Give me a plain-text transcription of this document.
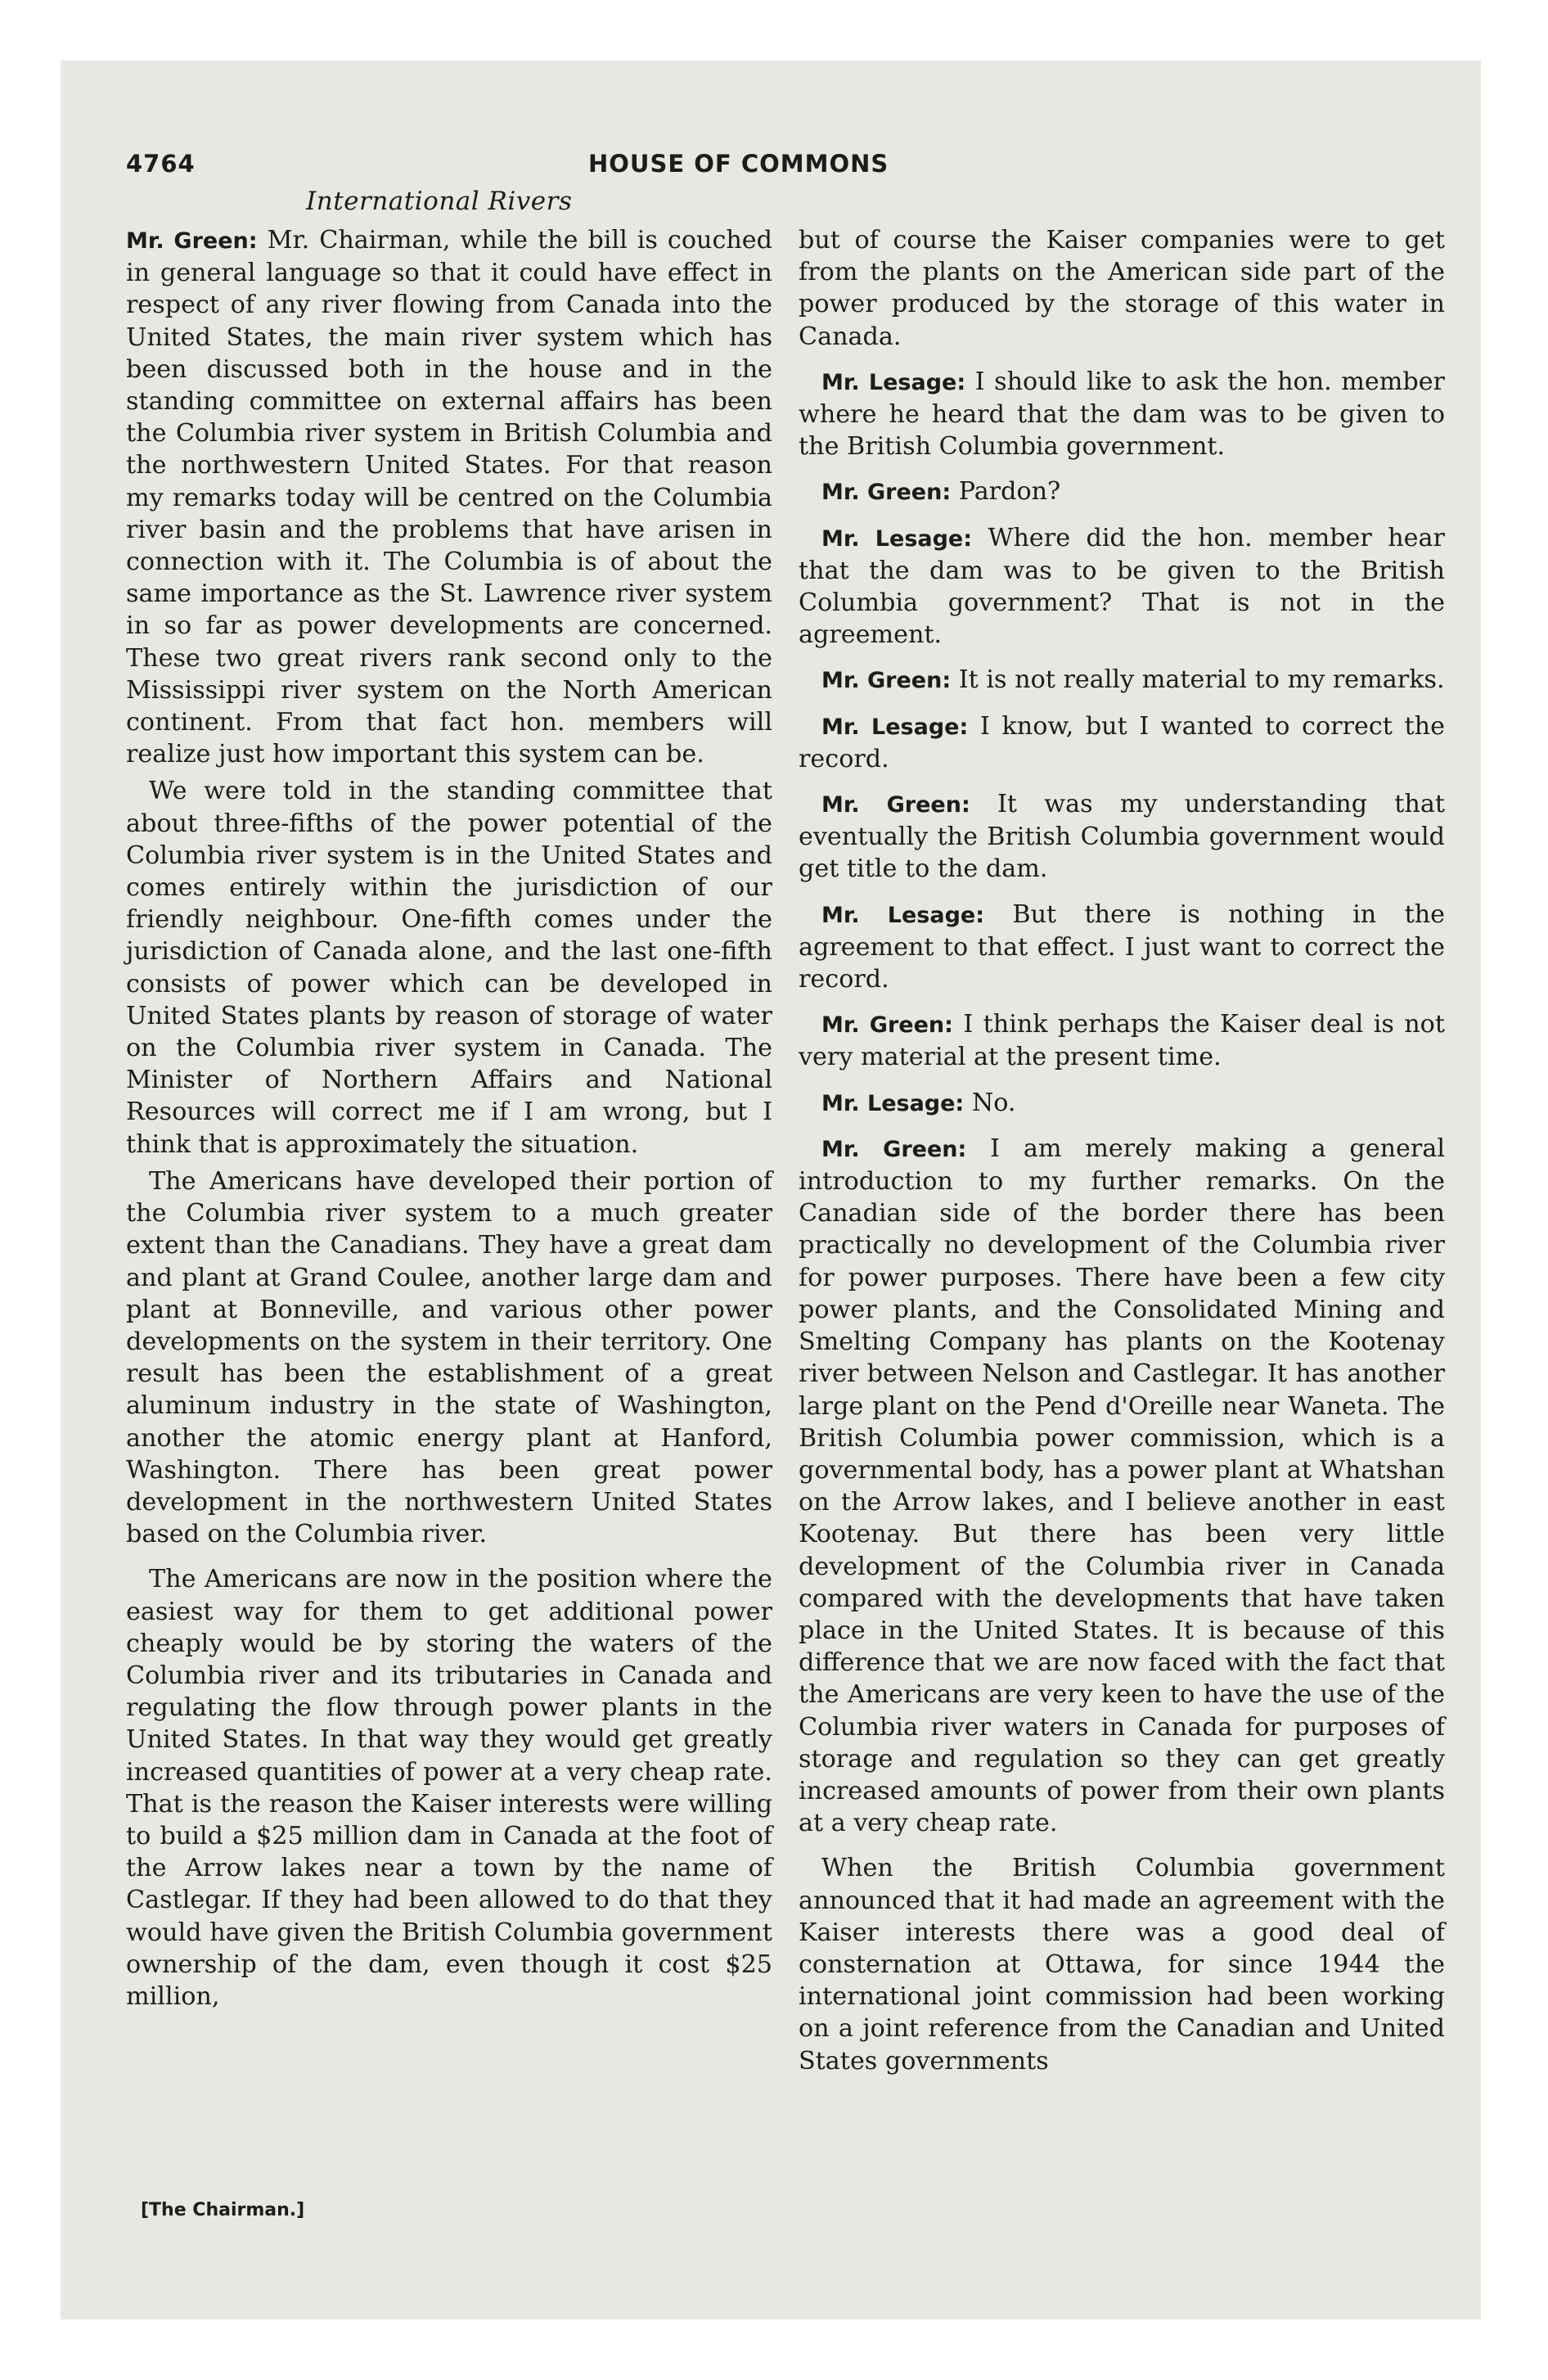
4764	HOUSE OF COMMONS
International Rivers

Mr. Green: Mr. Chairman, while the bill is couched in general language so that it could have effect in respect of any river flowing from Canada into the United States, the main river system which has been discussed both in the house and in the standing committee on external affairs has been the Columbia river system in British Columbia and the northwestern United States. For that reason my remarks today will be centred on the Columbia river basin and the problems that have arisen in connection with it. The Columbia is of about the same importance as the St. Lawrence river system in so far as power developments are concerned. These two great rivers rank second only to the Mississippi river system on the North American continent. From that fact hon. members will realize just how important this system can be.

We were told in the standing committee that about three-fifths of the power potential of the Columbia river system is in the United States and comes entirely within the jurisdiction of our friendly neighbour. One-fifth comes under the jurisdiction of Canada alone, and the last one-fifth consists of power which can be developed in United States plants by reason of storage of water on the Columbia river system in Canada. The Minister of Northern Affairs and National Resources will correct me if I am wrong, but I think that is approximately the situation.

The Americans have developed their portion of the Columbia river system to a much greater extent than the Canadians. They have a great dam and plant at Grand Coulee, another large dam and plant at Bonneville, and various other power developments on the system in their territory. One result has been the establishment of a great aluminum industry in the state of Washington, another the atomic energy plant at Hanford, Washington. There has been great power development in the northwestern United States based on the Columbia river.

The Americans are now in the position where the easiest way for them to get additional power cheaply would be by storing the waters of the Columbia river and its tributaries in Canada and regulating the flow through power plants in the United States. In that way they would get greatly increased quantities of power at a very cheap rate. That is the reason the Kaiser interests were willing to build a $25 million dam in Canada at the foot of the Arrow lakes near a town by the name of Castlegar. If they had been allowed to do that they would have given the British Columbia government ownership of the dam, even though it cost $25 million,

but of course the Kaiser companies were to get from the plants on the American side part of the power produced by the storage of this water in Canada.

Mr. Lesage: I should like to ask the hon. member where he heard that the dam was to be given to the British Columbia government.

Mr. Green: Pardon?

Mr. Lesage: Where did the hon. member hear that the dam was to be given to the British Columbia government? That is not in the agreement.

Mr. Green: It is not really material to my remarks.

Mr. Lesage: I know, but I wanted to correct the record.

Mr. Green: It was my understanding that eventually the British Columbia government would get title to the dam.

Mr. Lesage: But there is nothing in the agreement to that effect. I just want to correct the record.

Mr. Green: I think perhaps the Kaiser deal is not very material at the present time.

Mr. Lesage: No.

Mr. Green: I am merely making a general introduction to my further remarks. On the Canadian side of the border there has been practically no development of the Columbia river for power purposes. There have been a few city power plants, and the Consolidated Mining and Smelting Company has plants on the Kootenay river between Nelson and Castlegar. It has another large plant on the Pend d'Oreille near Waneta. The British Columbia power commission, which is a governmental body, has a power plant at Whatshan on the Arrow lakes, and I believe another in east Kootenay. But there has been very little development of the Columbia river in Canada compared with the developments that have taken place in the United States. It is because of this difference that we are now faced with the fact that the Americans are very keen to have the use of the Columbia river waters in Canada for purposes of storage and regulation so they can get greatly increased amounts of power from their own plants at a very cheap rate.

When the British Columbia government announced that it had made an agreement with the Kaiser interests there was a good deal of consternation at Ottawa, for since 1944 the international joint commission had been working on a joint reference from the Canadian and United States governments

[The Chairman.]
